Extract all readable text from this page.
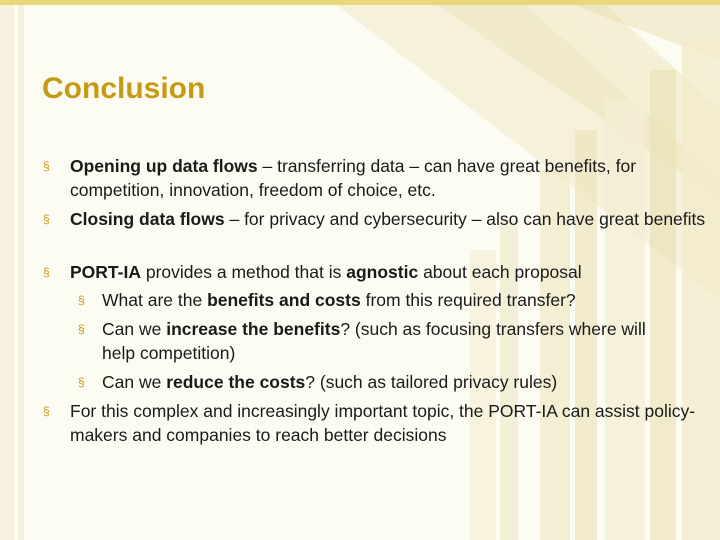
Conclusion

§ Opening up data flows – transferring data – can have great benefits, for competition, innovation, freedom of choice, etc.

§ Closing data flows – for privacy and cybersecurity – also can have great benefits

§ PORT-IA provides a method that is agnostic about each proposal

§ What are the benefits and costs from this required transfer?

§ Can we increase the benefits? (such as focusing transfers where will help competition)

§ Can we reduce the costs? (such as tailored privacy rules)

§ For this complex and increasingly important topic, the PORT-IA can assist policy-makers and companies to reach better decisions
